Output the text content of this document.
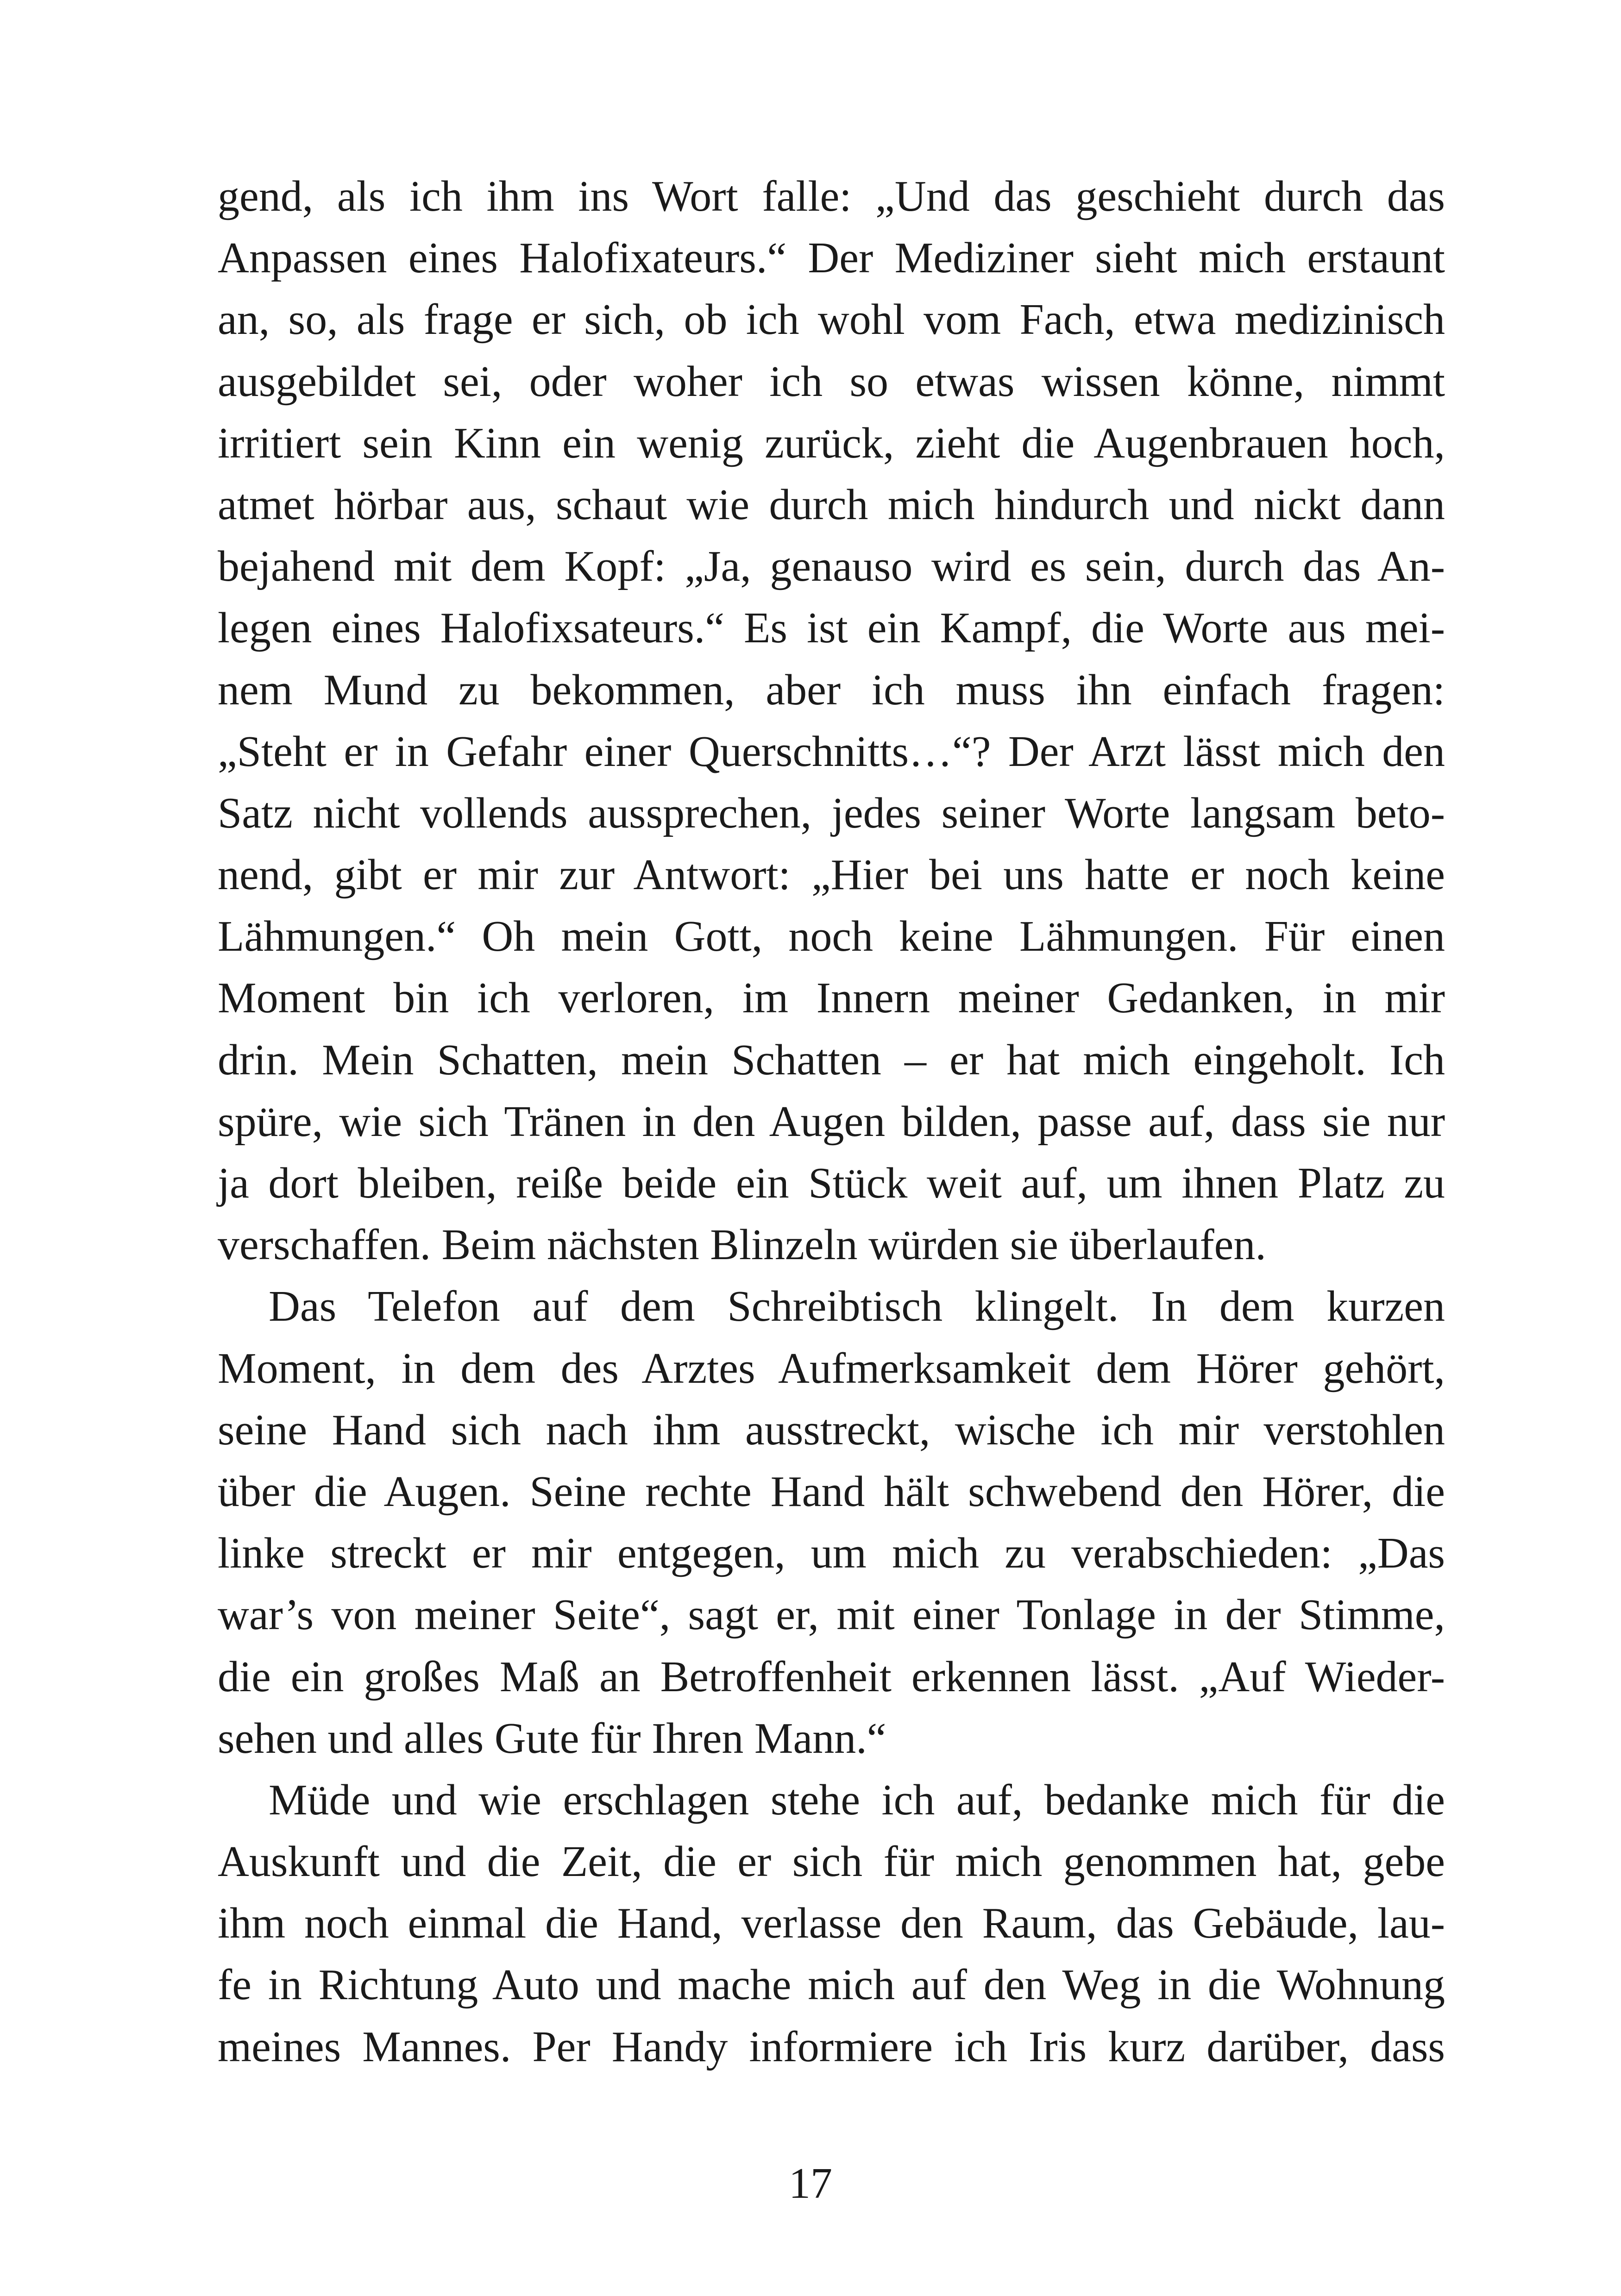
gend, als ich ihm ins Wort falle: „Und das geschieht durch das
Anpassen eines Halofixateurs.“ Der Mediziner sieht mich erstaunt
an, so, als frage er sich, ob ich wohl vom Fach, etwa medizinisch
ausgebildet sei, oder woher ich so etwas wissen könne, nimmt
irritiert sein Kinn ein wenig zurück, zieht die Augenbrauen hoch,
atmet hörbar aus, schaut wie durch mich hindurch und nickt dann
bejahend mit dem Kopf: „Ja, genauso wird es sein, durch das An-
legen eines Halofixsateurs.“ Es ist ein Kampf, die Worte aus mei-
nem Mund zu bekommen, aber ich muss ihn einfach fragen:
„Steht er in Gefahr einer Querschnitts…“? Der Arzt lässt mich den
Satz nicht vollends aussprechen, jedes seiner Worte langsam beto-
nend, gibt er mir zur Antwort: „Hier bei uns hatte er noch keine
Lähmungen.“ Oh mein Gott, noch keine Lähmungen. Für einen
Moment bin ich verloren, im Innern meiner Gedanken, in mir
drin. Mein Schatten, mein Schatten – er hat mich eingeholt. Ich
spüre, wie sich Tränen in den Augen bilden, passe auf, dass sie nur
ja dort bleiben, reiße beide ein Stück weit auf, um ihnen Platz zu
verschaffen. Beim nächsten Blinzeln würden sie überlaufen.
Das Telefon auf dem Schreibtisch klingelt. In dem kurzen
Moment, in dem des Arztes Aufmerksamkeit dem Hörer gehört,
seine Hand sich nach ihm ausstreckt, wische ich mir verstohlen
über die Augen. Seine rechte Hand hält schwebend den Hörer, die
linke streckt er mir entgegen, um mich zu verabschieden: „Das
war’s von meiner Seite“, sagt er, mit einer Tonlage in der Stimme,
die ein großes Maß an Betroffenheit erkennen lässt. „Auf Wieder-
sehen und alles Gute für Ihren Mann.“
Müde und wie erschlagen stehe ich auf, bedanke mich für die
Auskunft und die Zeit, die er sich für mich genommen hat, gebe
ihm noch einmal die Hand, verlasse den Raum, das Gebäude, lau-
fe in Richtung Auto und mache mich auf den Weg in die Wohnung
meines Mannes. Per Handy informiere ich Iris kurz darüber, dass
17
